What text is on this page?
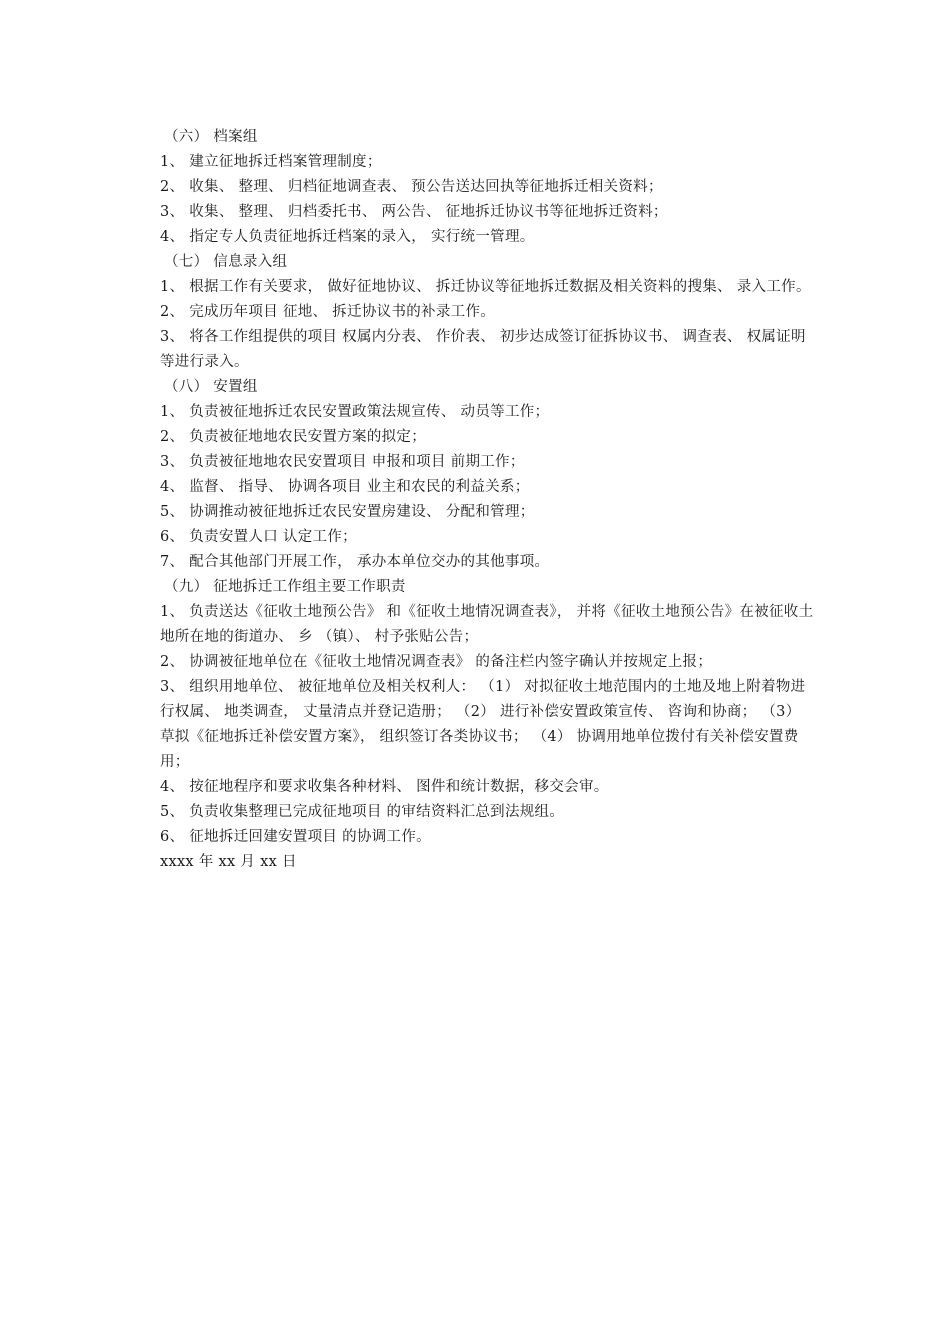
（六） 档案组
1、 建立征地拆迁档案管理制度；
2、 收集、 整理、 归档征地调查表、 预公告送达回执等征地拆迁相关资料；
3、 收集、 整理、 归档委托书、 两公告、 征地拆迁协议书等征地拆迁资料；
4、 指定专人负责征地拆迁档案的录入， 实行统一管理。
（七） 信息录入组
1、 根据工作有关要求， 做好征地协议、 拆迁协议等征地拆迁数据及相关资料的搜集、 录入工作。
2、 完成历年项目 征地、 拆迁协议书的补录工作。
3、 将各工作组提供的项目 权属内分表、 作价表、 初步达成签订征拆协议书、 调查表、 权属证明等进行录入。
（八） 安置组
1、 负责被征地拆迁农民安置政策法规宣传、 动员等工作；
2、 负责被征地地农民安置方案的拟定；
3、 负责被征地地农民安置项目 申报和项目 前期工作；
4、 监督、 指导、 协调各项目 业主和农民的利益关系；
5、 协调推动被征地拆迁农民安置房建设、 分配和管理；
6、 负责安置人口 认定工作；
7、 配合其他部门开展工作， 承办本单位交办的其他事项。
（九） 征地拆迁工作组主要工作职责
1、 负责送达《征收土地预公告》 和《征收土地情况调查表》， 并将《征收土地预公告》在被征收土地所在地的街道办、 乡 （镇）、 村予张贴公告；
2、 协调被征地单位在《征收土地情况调查表》 的备注栏内签字确认并按规定上报；
3、 组织用地单位、 被征地单位及相关权利人： （1） 对拟征收土地范围内的土地及地上附着物进行权属、 地类调查， 丈量清点并登记造册； （2） 进行补偿安置政策宣传、 咨询和协商； （3） 草拟《征地拆迁补偿安置方案》， 组织签订各类协议书； （4） 协调用地单位拨付有关补偿安置费用；
4、 按征地程序和要求收集各种材料、 图件和统计数据，移交会审。
5、 负责收集整理已完成征地项目 的审结资料汇总到法规组。
6、 征地拆迁回建安置项目 的协调工作。
xxxx 年 xx 月 xx 日
